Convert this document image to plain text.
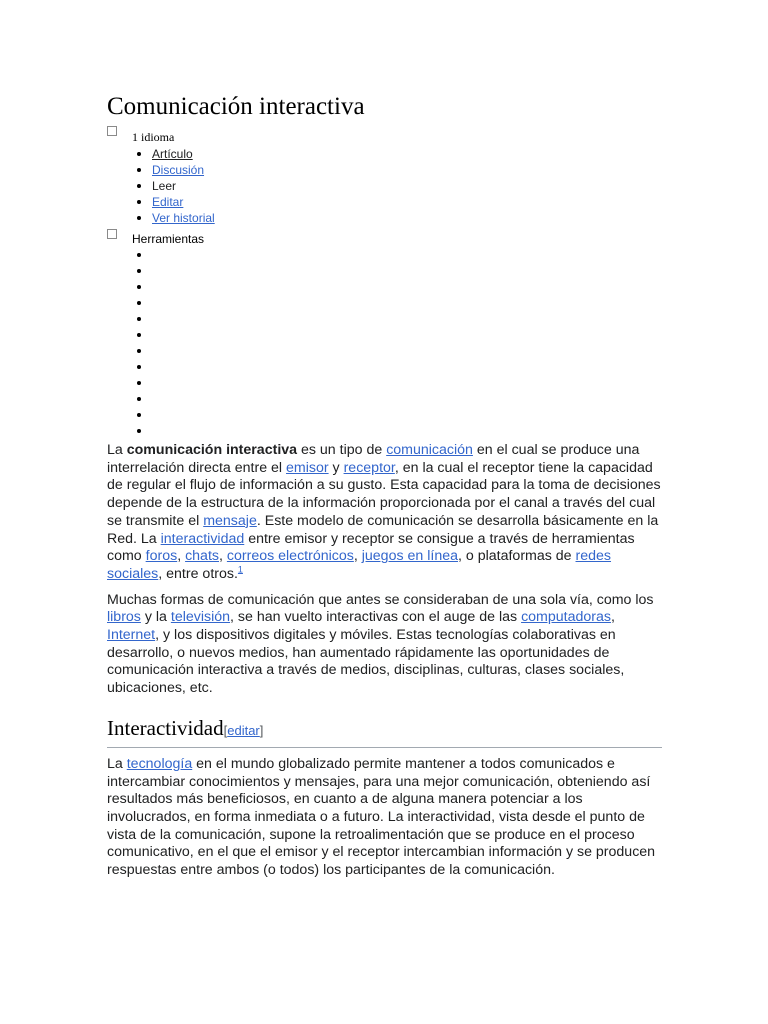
Comunicación interactiva
1 idioma
Artículo
Discusión
Leer
Editar
Ver historial
Herramientas

La comunicación interactiva es un tipo de comunicación en el cual se produce una interrelación directa entre el emisor y receptor, en la cual el receptor tiene la capacidad de regular el flujo de información a su gusto. Esta capacidad para la toma de decisiones depende de la estructura de la información proporcionada por el canal a través del cual se transmite el mensaje. Este modelo de comunicación se desarrolla básicamente en la Red. La interactividad entre emisor y receptor se consigue a través de herramientas como foros, chats, correos electrónicos, juegos en línea, o plataformas de redes sociales, entre otros.$^1$

Muchas formas de comunicación que antes se consideraban de una sola vía, como los libros y la televisión, se han vuelto interactivas con el auge de las computadoras, Internet, y los dispositivos digitales y móviles. Estas tecnologías colaborativas en desarrollo, o nuevos medios, han aumentado rápidamente las oportunidades de comunicación interactiva a través de medios, disciplinas, culturas, clases sociales, ubicaciones, etc.

Interactividad[editar]

La tecnología en el mundo globalizado permite mantener a todos comunicados e intercambiar conocimientos y mensajes, para una mejor comunicación, obteniendo así resultados más beneficiosos, en cuanto a de alguna manera potenciar a los involucrados, en forma inmediata o a futuro. La interactividad, vista desde el punto de vista de la comunicación, supone la retroalimentación que se produce en el proceso comunicativo, en el que el emisor y el receptor intercambian información y se producen respuestas entre ambos (o todos) los participantes de la comunicación.
